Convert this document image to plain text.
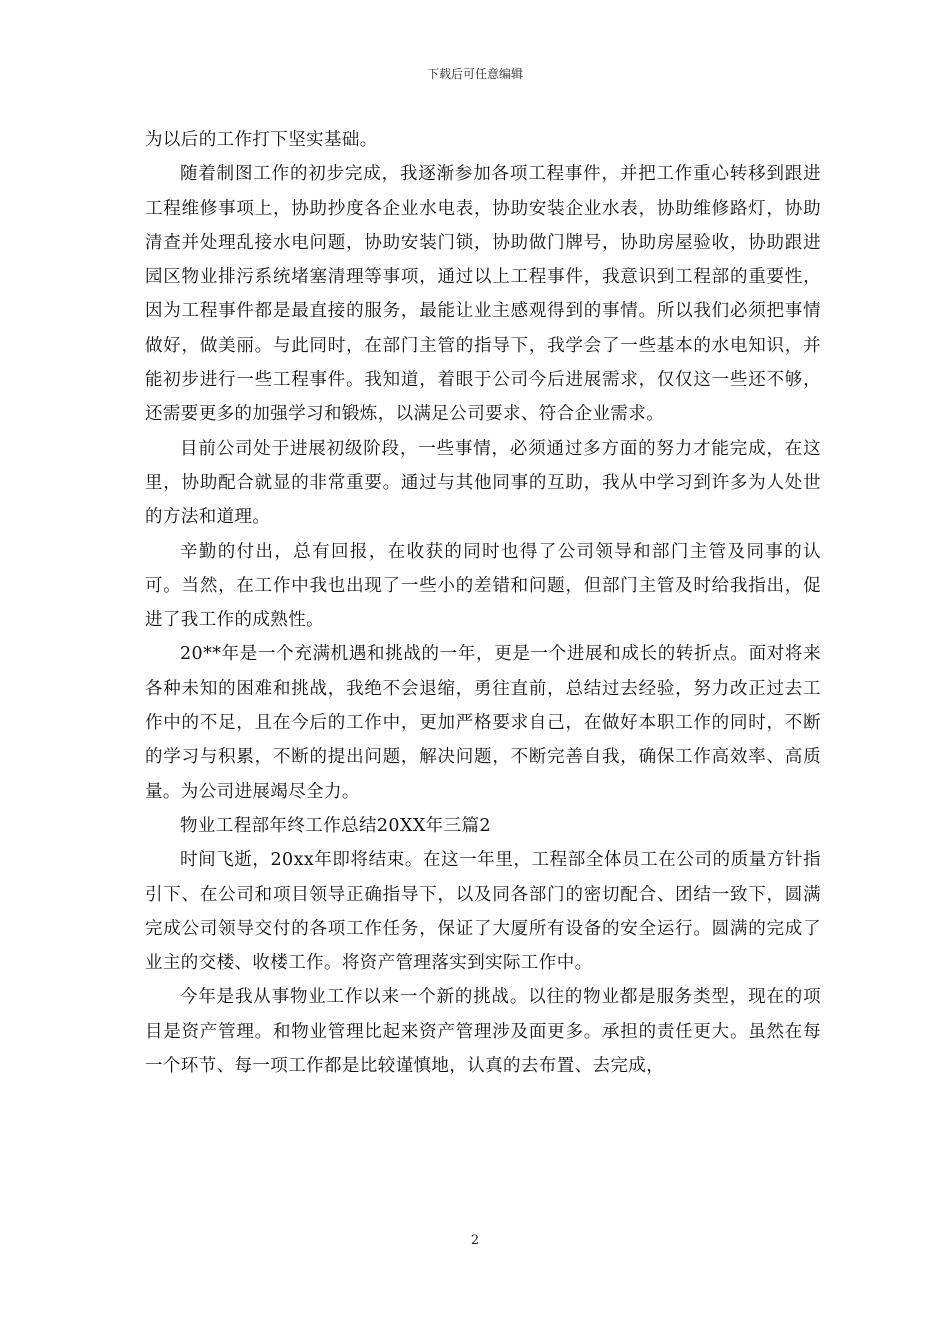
下载后可任意编辑

为以后的工作打下坚实基础。

随着制图工作的初步完成，我逐渐参加各项工程事件，并把工作重心转移到跟进工程维修事项上，协助抄度各企业水电表，协助安装企业水表，协助维修路灯，协助清查并处理乱接水电问题，协助安装门锁，协助做门牌号，协助房屋验收，协助跟进园区物业排污系统堵塞清理等事项，通过以上工程事件，我意识到工程部的重要性，因为工程事件都是最直接的服务，最能让业主感观得到的事情。所以我们必须把事情做好，做美丽。与此同时，在部门主管的指导下，我学会了一些基本的水电知识，并能初步进行一些工程事件。我知道，着眼于公司今后进展需求，仅仅这一些还不够，还需要更多的加强学习和锻炼，以满足公司要求、符合企业需求。

目前公司处于进展初级阶段，一些事情，必须通过多方面的努力才能完成，在这里，协助配合就显的非常重要。通过与其他同事的互助，我从中学习到许多为人处世的方法和道理。

辛勤的付出，总有回报，在收获的同时也得了公司领导和部门主管及同事的认可。当然，在工作中我也出现了一些小的差错和问题，但部门主管及时给我指出，促进了我工作的成熟性。

20**年是一个充满机遇和挑战的一年，更是一个进展和成长的转折点。面对将来各种未知的困难和挑战，我绝不会退缩，勇往直前，总结过去经验，努力改正过去工作中的不足，且在今后的工作中，更加严格要求自己，在做好本职工作的同时，不断的学习与积累，不断的提出问题，解决问题，不断完善自我，确保工作高效率、高质量。为公司进展竭尽全力。

物业工程部年终工作总结20XX年三篇2

时间飞逝，20xx年即将结束。在这一年里，工程部全体员工在公司的质量方针指引下、在公司和项目领导正确指导下，以及同各部门的密切配合、团结一致下，圆满完成公司领导交付的各项工作任务，保证了大厦所有设备的安全运行。圆满的完成了业主的交楼、收楼工作。将资产管理落实到实际工作中。

今年是我从事物业工作以来一个新的挑战。以往的物业都是服务类型，现在的项目是资产管理。和物业管理比起来资产管理涉及面更多。承担的责任更大。虽然在每一个环节、每一项工作都是比较谨慎地，认真的去布置、去完成，

2
